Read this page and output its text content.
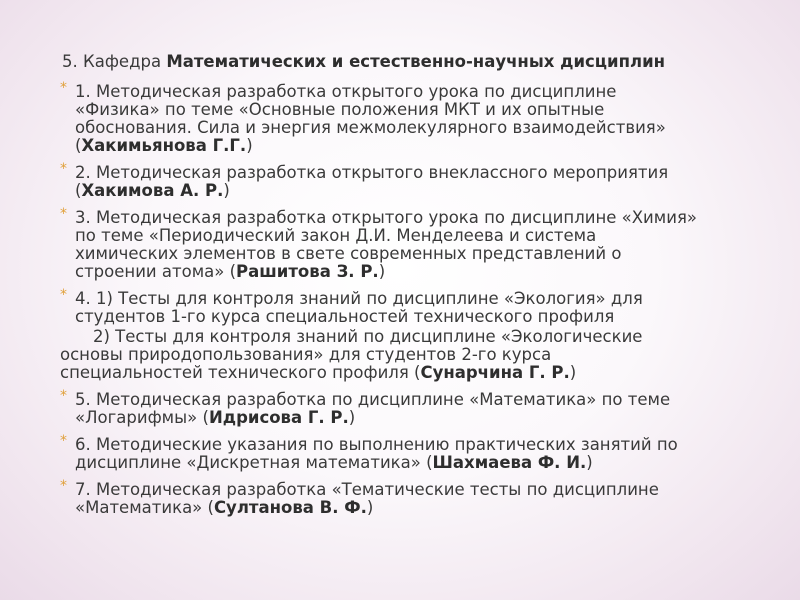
5. Кафедра Математических и естественно-научных дисциплин
* 1. Методическая разработка открытого урока по дисциплине
«Физика» по теме «Основные положения МКТ и их опытные
обоснования. Сила и энергия межмолекулярного взаимодействия»
(Хакимьянова Г.Г.)
* 2. Методическая разработка открытого внеклассного мероприятия
(Хакимова А. Р.)
* 3. Методическая разработка открытого урока по дисциплине «Химия»
по теме «Периодический закон Д.И. Менделеева и система
химических элементов в свете современных представлений о
строении атома» (Рашитова З. Р.)
* 4. 1) Тесты для контроля знаний по дисциплине «Экология» для
студентов 1-го курса специальностей технического профиля
2) Тесты для контроля знаний по дисциплине «Экологические
основы природопользования» для студентов 2-го курса
специальностей технического профиля (Сунарчина Г. Р.)
* 5. Методическая разработка по дисциплине «Математика» по теме
«Логарифмы» (Идрисова Г. Р.)
* 6. Методические указания по выполнению практических занятий по
дисциплине «Дискретная математика» (Шахмаева Ф. И.)
* 7. Методическая разработка «Тематические тесты по дисциплине
«Математика» (Султанова В. Ф.)
